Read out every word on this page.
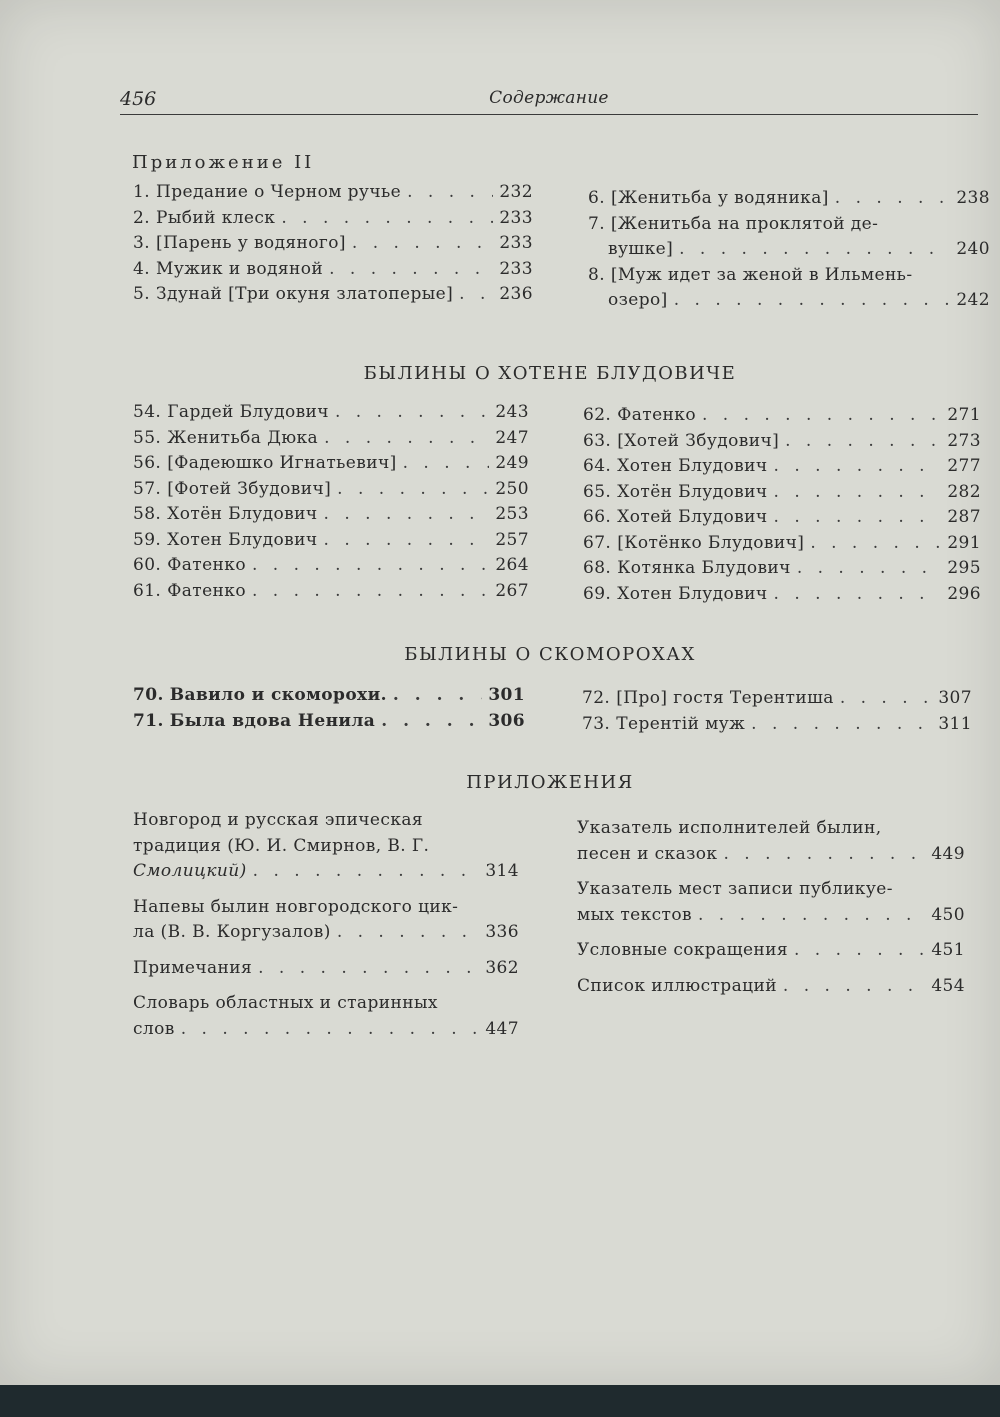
456	Содержание
Приложение II
1. Предание о Черном ручье . . .	232
2. Рыбий клеск . . .	233
3. [Парень у водяного] . . .	233
4. Мужик и водяной . . .	233
5. Здунай [Три окуня златоперые] . . .	236
6. [Женитьба у водяника] . . .	238
7. [Женитьба на проклятой де-
вушке] . . .	240
8. [Муж идет за женой в Ильмень-
озеро] . . .	242
БЫЛИНЫ О ХОТЕНЕ БЛУДОВИЧЕ
54. Гардей Блудович . . .	243
55. Женитьба Дюка . . .	247
56. [Фадеюшко Игнатьевич] . . .	249
57. [Фотей Збудович] . . .	250
58. Хотён Блудович . . .	253
59. Хотен Блудович . . .	257
60. Фатенко . . .	264
61. Фатенко . . .	267
62. Фатенко . . .	271
63. [Хотей Збудович] . . .	273
64. Хотен Блудович . . .	277
65. Хотён Блудович . . .	282
66. Хотей Блудович . . .	287
67. [Котёнко Блудович] . . .	291
68. Котянка Блудович . . .	295
69. Хотен Блудович . . .	296
БЫЛИНЫ О СКОМОРОХАХ
70. Вавило и скоморохи. . . .	301
71. Была вдова Ненила . . .	306
72. [Про] гостя Терентиша . . .	307
73. Терентій муж . . .	311
ПРИЛОЖЕНИЯ
Новгород и русская эпическая
традиция (Ю. И. Смирнов, В. Г.
Смолицкий) . . .	314
Напевы былин новгородского цик-
ла (В. В. Коргузалов) . . .	336
Примечания . . .	362
Словарь областных и старинных
слов . . .	447
Указатель исполнителей былин,
песен и сказок . . .	449
Указатель мест записи публикуе-
мых текстов . . .	450
Условные сокращения . . .	451
Список иллюстраций . . .	454
